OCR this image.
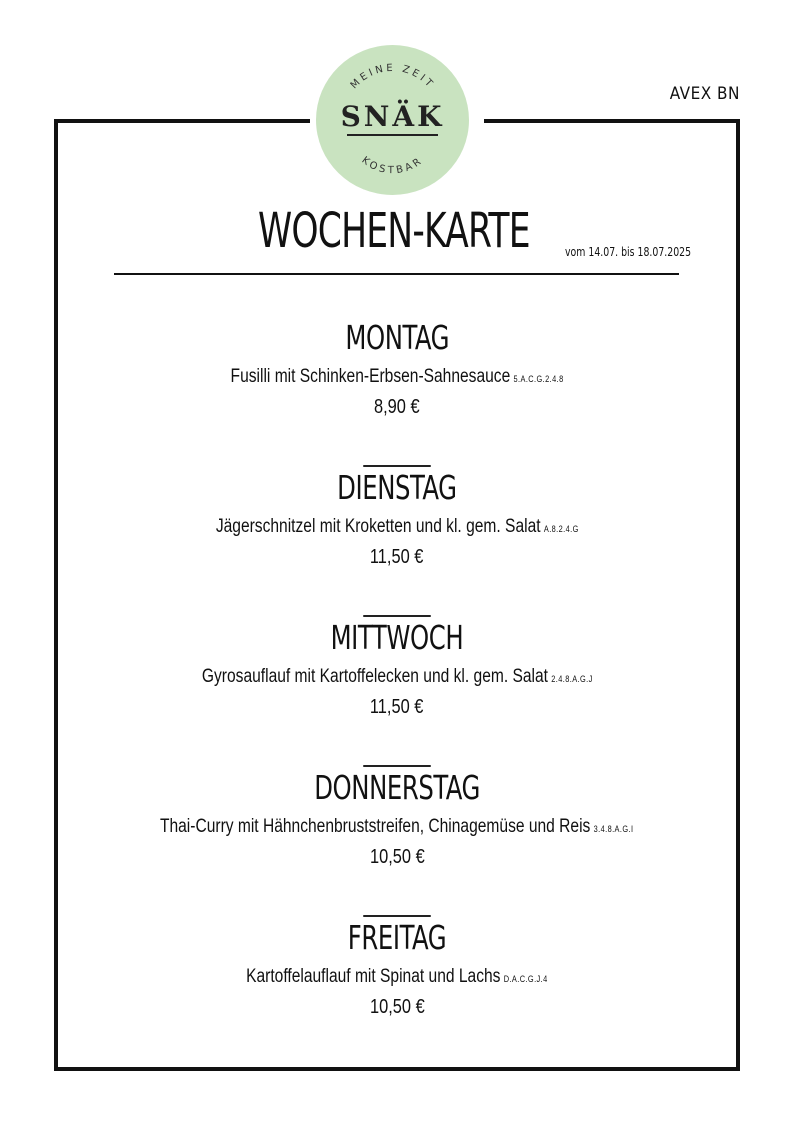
MEINE ZEIT
KOSTBAR
SNÄK
AVEX BN
WOCHEN-KARTE	vom 14.07. bis 18.07.2025
MONTAG
Fusilli mit Schinken-Erbsen-Sahnesauce 5.A.C.G.2.4.8
8,90 €
DIENSTAG
Jägerschnitzel mit Kroketten und kl. gem. Salat A.8.2.4.G
11,50 €
MITTWOCH
Gyrosauflauf mit Kartoffelecken und kl. gem. Salat 2.4.8.A.G.J
11,50 €
DONNERSTAG
Thai-Curry mit Hähnchenbruststreifen, Chinagemüse und Reis 3.4.8.A.G.I
10,50 €
FREITAG
Kartoffelauflauf mit Spinat und Lachs D.A.C.G.J.4
10,50 €
